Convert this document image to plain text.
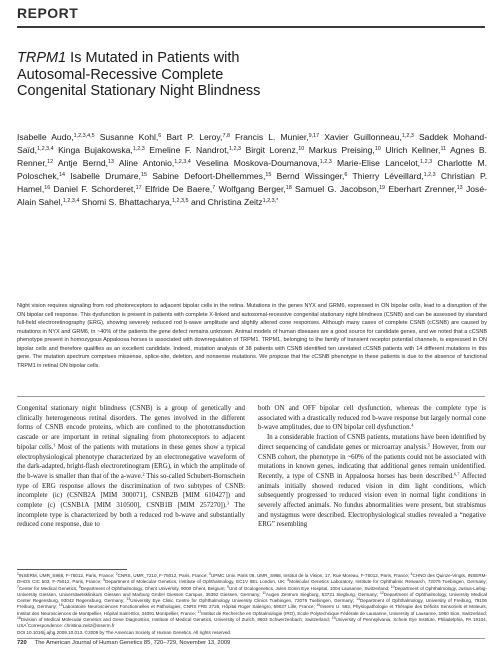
REPORT
TRPM1 Is Mutated in Patients with
Autosomal-Recessive Complete
Congenital Stationary Night Blindness
Isabelle Audo,$^{1,2,3,4,5}$ Susanne Kohl,$^6$ Bart P. Leroy,$^{7,8}$ Francis L. Munier,$^{9,17}$ Xavier Guillonneau,$^{1,2,3}$ Saddek Mohand-Saïd,$^{1,2,3,4}$ Kinga Bujakowska,$^{1,2,3}$ Emeline F. Nandrot,$^{1,2,3}$ Birgit Lorenz,$^{10}$ Markus Preising,$^{10}$ Ulrich Kellner,$^{11}$ Agnes B. Renner,$^{12}$ Antje Bernd,$^{13}$ Aline Antonio,$^{1,2,3,4}$ Veselina Moskova-Doumanova,$^{1,2,3}$ Marie-Elise Lancelot,$^{1,2,3}$ Charlotte M. Poloschek,$^{14}$ Isabelle Drumare,$^{15}$ Sabine Defoort-Dhellemmes,$^{15}$ Bernd Wissinger,$^6$ Thierry Léveillard,$^{1,2,3}$ Christian P. Hamel,$^{16}$ Daniel F. Schorderet,$^{17}$ Elfride De Baere,$^7$ Wolfgang Berger,$^{18}$ Samuel G. Jacobson,$^{19}$ Eberhart Zrenner,$^{13}$ José-Alain Sahel,$^{1,2,3,4}$ Shomi S. Bhattacharya,$^{1,2,3,5}$ and Christina Zeitz$^{1,2,3,*}$
Night vision requires signaling from rod photoreceptors to adjacent bipolar cells in the retina. Mutations in the genes NYX and GRM6, expressed in ON bipolar cells, lead to a disruption of the ON bipolar cell response. This dysfunction is present in patients with complete X-linked and autosomal-recessive congenital stationary night blindness (CSNB) and can be assessed by standard full-field electroretinography (ERG), showing severely reduced rod b-wave amplitude and slightly altered cone responses. Although many cases of complete CSNB (cCSNB) are caused by mutations in NYX and GRM6, in ~40% of the patients the gene defect remains unknown. Animal models of human diseases are a good source for candidate genes, and we noted that a cCSNB phenotype present in homozygous Appaloosa horses is associated with downregulation of TRPM1. TRPM1, belonging to the family of transient receptor potential channels, is expressed in ON bipolar cells and therefore qualifies as an excellent candidate. Indeed, mutation analysis of 38 patients with CSNB identified ten unrelated cCSNB patients with 14 different mutations in this gene. The mutation spectrum comprises missense, splice-site, deletion, and nonsense mutations. We propose that the cCSNB phenotype in these patients is due to the absence of functional TRPM1 in retinal ON bipolar cells.

Congenital stationary night blindness (CSNB) is a group of genetically and clinically heterogeneous retinal disorders. The genes involved in the different forms of CSNB encode proteins, which are confined to the phototransduction cascade or are important in retinal signaling from photoreceptors to adjacent bipolar cells.$^1$ Most of the patients with mutations in these genes show a typical electrophysiological phenotype characterized by an electronegative waveform of the dark-adapted, bright-flash electroretinogram (ERG), in which the amplitude of the b-wave is smaller than that of the a-wave.$^2$ This so-called Schubert-Bornschein type of ERG response allows the discrimination of two subtypes of CSNB: incomplete (ic) (CSNB2A [MIM 300071], CSNB2B [MIM 610427]) and complete (c) (CSNB1A [MIM 310500], CSNB1B [MIM 257270]).$^3$ The incomplete type is characterized by both a reduced rod b-wave and substantially reduced cone response, due to

both ON and OFF bipolar cell dysfunction, whereas the complete type is associated with a drastically reduced rod b-wave response but largely normal cone b-wave amplitudes, due to ON bipolar cell dysfunction.$^4$

In a considerable fraction of CSNB patients, mutations have been identified by direct sequencing of candidate genes or microarray analysis.$^5$ However, from our CSNB cohort, the phenotype in ~60% of the patients could not be associated with mutations in known genes, indicating that additional genes remain unidentified. Recently, a type of CSNB in Appaloosa horses has been described.$^{6,7}$ Affected animals initially showed reduced vision in dim light conditions, which subsequently progressed to reduced vision even in normal light conditions in severely affected animals. No fundus abnormalities were present, but strabismus and nystagmus were described. Electrophysiological studies revealed a “negative ERG” resembling

$^1$INSERM, UMR_S968, F-75012, Paris, France; $^2$CNRS, UMR_7210, F-75012, Paris, France; $^3$UPMC Univ. Paris 06, UMR_S968, Institut de la Vision, 17, Rue Moreau, F-75012, Paris, France; $^4$CHNO des Quinze-Vingts, INSERM-DHOS CIC 503, F-75012, Paris, France; $^5$Department of Molecular Genetics, Institute of Ophthalmology, EC1V 9EL London, UK; $^6$Molecular Genetics Laboratory, Institute for Ophthalmic Research, 72076 Tuebingen, Germany; $^7$Center for Medical Genetics, $^8$Department of Ophthalmology, Ghent University, 9000 Ghent, Belgium; $^9$Unit of Oculogenetics, Jules Gonin Eye Hospital, 1004 Lausanne, Switzerland; $^{10}$Department of Ophthalmology, Justus-Liebig-University Giessen, Universitaetsklinikum Giessen and Marburg GmbH Giessen Campus, 35392 Giessen, Germany; $^{11}$Augen Zentrum Siegburg, 53721 Siegburg, Germany; $^{12}$Department of Ophthalmology, University Medical Center Regensburg, 93042 Regensburg, Germany; $^{13}$University Eye Clinic Centre for Ophthalmology University Clinics Tuebingen, 72076 Tuebingen, Germany; $^{14}$Department of Ophthalmology, University of Freiburg, 79106 Freiburg, Germany; $^{15}$Laboratoire Neurosciences Fonctionnelles et Pathologies, CNRS FRE 2726, Hôpital Roger Salengro, 59037 Lille, France; $^{16}$Inserm U. 583, Physiopathologie et Thérapie des Déficits Sensoriels et Moteurs, Institut des Neurosciences de Montpellier, Hôpital Saint-Eloi, 34091 Montpellier, France; $^{17}$Institut de Recherche en Ophtalmologie (IRO), Ecole Polytechnique Fédérale de Lausanne, University of Lausanne, 1950 Sion, Switzerland; $^{18}$Division of Medical Molecular Genetics and Gene Diagnostics, Institute of Medical Genetics, University of Zurich, 8603 Schwerzenbach, Switzerland; $^{19}$University of Pennsylvania, Scheie Eye Institute, Philadelphia, PA 19104, USA*Correspondence: christina.zeitz@inserm.fr
DOI 10.1016/j.ajhg.2009.10.013. ©2009 by The American Society of Human Genetics. All rights reserved.
720 The American Journal of Human Genetics 85, 720–729, November 13, 2009
